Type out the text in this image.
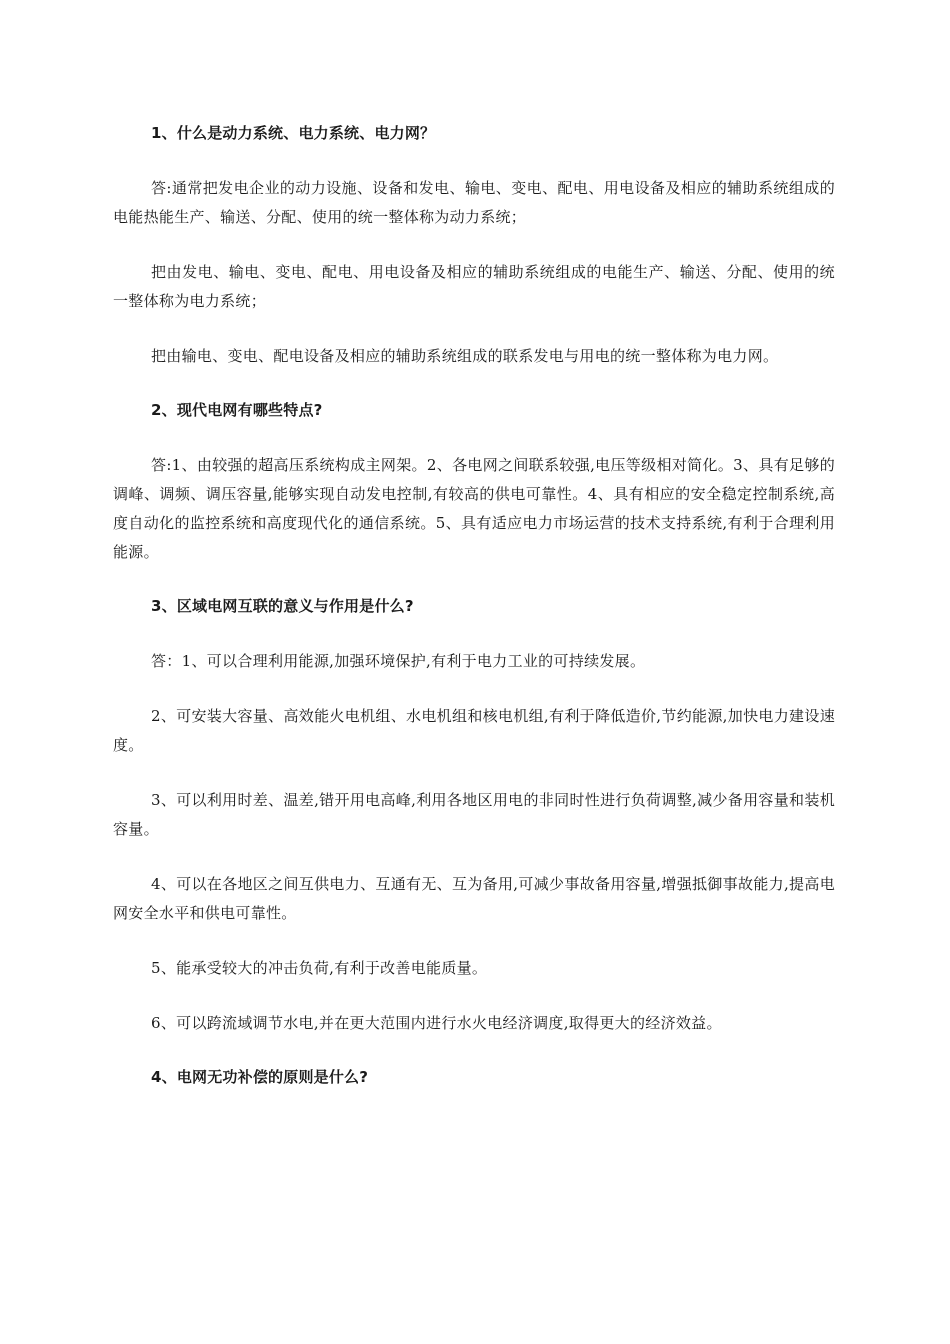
1、什么是动力系统、电力系统、电力网？

答:通常把发电企业的动力设施、设备和发电、输电、变电、配电、用电设备及相应的辅助系统组成的电能热能生产、输送、分配、使用的统一整体称为动力系统；

把由发电、输电、变电、配电、用电设备及相应的辅助系统组成的电能生产、输送、分配、使用的统一整体称为电力系统；

把由输电、变电、配电设备及相应的辅助系统组成的联系发电与用电的统一整体称为电力网。

2、现代电网有哪些特点?

答:1、由较强的超高压系统构成主网架。2、各电网之间联系较强,电压等级相对简化。3、具有足够的调峰、调频、调压容量,能够实现自动发电控制,有较高的供电可靠性。4、具有相应的安全稳定控制系统,高度自动化的监控系统和高度现代化的通信系统。5、具有适应电力市场运营的技术支持系统,有利于合理利用能源。

3、区域电网互联的意义与作用是什么?

答：1、可以合理利用能源,加强环境保护,有利于电力工业的可持续发展。

2、可安装大容量、高效能火电机组、水电机组和核电机组,有利于降低造价,节约能源,加快电力建设速度。

3、可以利用时差、温差,错开用电高峰,利用各地区用电的非同时性进行负荷调整,减少备用容量和装机容量。

4、可以在各地区之间互供电力、互通有无、互为备用,可减少事故备用容量,增强抵御事故能力,提高电网安全水平和供电可靠性。

5、能承受较大的冲击负荷,有利于改善电能质量。

6、可以跨流域调节水电,并在更大范围内进行水火电经济调度,取得更大的经济效益。

4、电网无功补偿的原则是什么?
